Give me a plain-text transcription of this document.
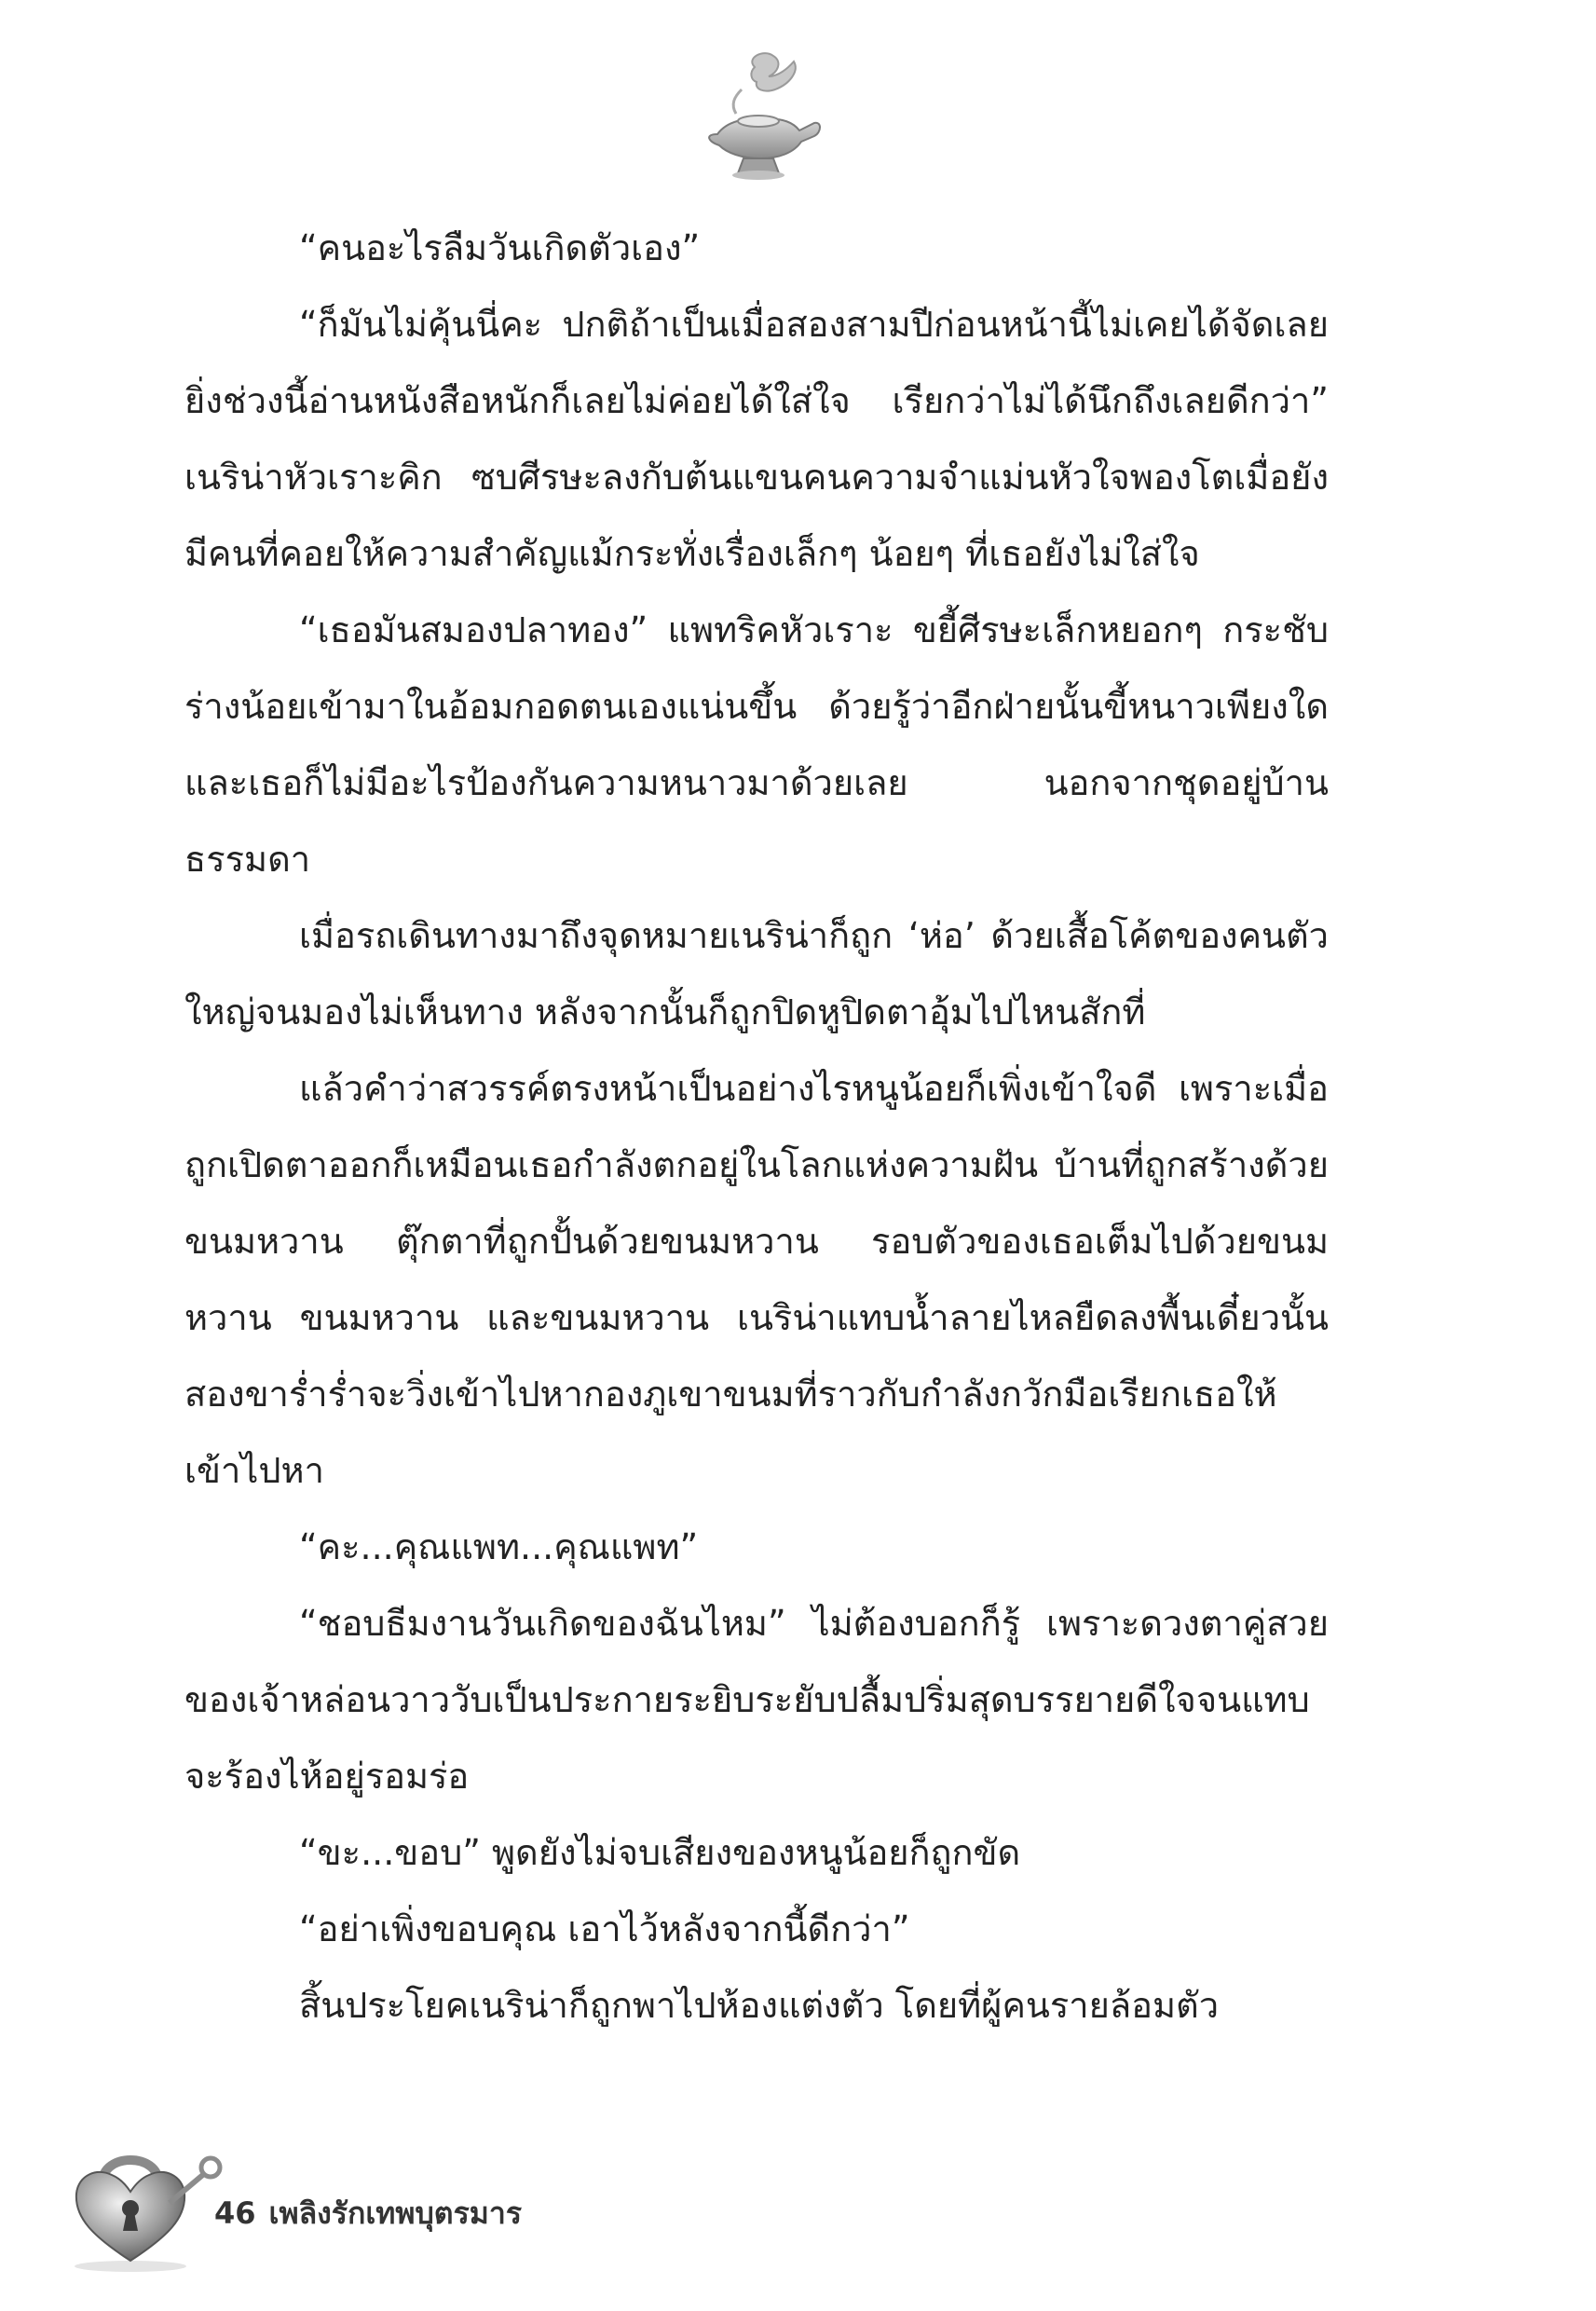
“คนอะไรลืมวันเกิดตัวเอง”

“ก็มันไม่คุ้นนี่คะ ปกติถ้าเป็นเมื่อสองสามปีก่อนหน้านี้ไม่เคยได้จัดเลย ยิ่งช่วงนี้อ่านหนังสือหนักก็เลยไม่ค่อยได้ใส่ใจ เรียกว่าไม่ได้นึกถึงเลยดีกว่า” เนริน่าหัวเราะคิก ซบศีรษะลงกับต้นแขนคนความจำแม่นหัวใจพองโตเมื่อยังมีคนที่คอยให้ความสำคัญแม้กระทั่งเรื่องเล็กๆ น้อยๆ ที่เธอยังไม่ใส่ใจ

“เธอมันสมองปลาทอง” แพทริคหัวเราะ ขยี้ศีรษะเล็กหยอกๆ กระชับร่างน้อยเข้ามาในอ้อมกอดตนเองแน่นขึ้น ด้วยรู้ว่าอีกฝ่ายนั้นขี้หนาวเพียงใด และเธอก็ไม่มีอะไรป้องกันความหนาวมาด้วยเลย นอกจากชุดอยู่บ้านธรรมดา

เมื่อรถเดินทางมาถึงจุดหมายเนริน่าก็ถูก ‘ห่อ’ ด้วยเสื้อโค้ตของคนตัวใหญ่จนมองไม่เห็นทาง หลังจากนั้นก็ถูกปิดหูปิดตาอุ้มไปไหนสักที่

แล้วคำว่าสวรรค์ตรงหน้าเป็นอย่างไรหนูน้อยก็เพิ่งเข้าใจดี เพราะเมื่อถูกเปิดตาออกก็เหมือนเธอกำลังตกอยู่ในโลกแห่งความฝัน บ้านที่ถูกสร้างด้วยขนมหวาน ตุ๊กตาที่ถูกปั้นด้วยขนมหวาน รอบตัวของเธอเต็มไปด้วยขนมหวาน ขนมหวาน และขนมหวาน เนริน่าแทบน้ำลายไหลยืดลงพื้นเดี๋ยวนั้น สองขาร่ำร่ำจะวิ่งเข้าไปหากองภูเขาขนมที่ราวกับกำลังกวักมือเรียกเธอให้เข้าไปหา

“คะ...คุณแพท...คุณแพท”

“ชอบธีมงานวันเกิดของฉันไหม” ไม่ต้องบอกก็รู้ เพราะดวงตาคู่สวยของเจ้าหล่อนวาววับเป็นประกายระยิบระยับปลื้มปริ่มสุดบรรยายดีใจจนแทบจะร้องไห้อยู่รอมร่อ

“ขะ...ขอบ” พูดยังไม่จบเสียงของหนูน้อยก็ถูกขัด

“อย่าเพิ่งขอบคุณ เอาไว้หลังจากนี้ดีกว่า”

สิ้นประโยคเนริน่าก็ถูกพาไปห้องแต่งตัว โดยที่ผู้คนรายล้อมตัว

46 เพลิงรักเทพบุตรมาร
